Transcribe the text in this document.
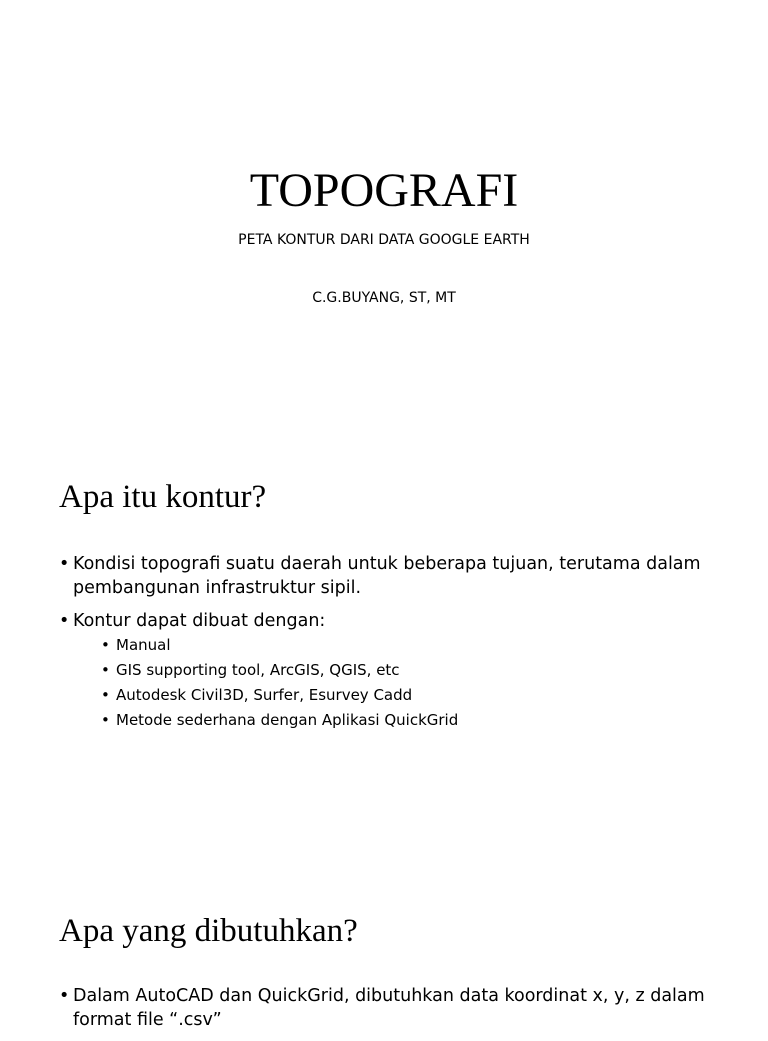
TOPOGRAFI
PETA KONTUR DARI DATA GOOGLE EARTH
C.G.BUYANG, ST, MT
Apa itu kontur?
• Kondisi topografi suatu daerah untuk beberapa tujuan, terutama dalam pembangunan infrastruktur sipil.
• Kontur dapat dibuat dengan:
• Manual
• GIS supporting tool, ArcGIS, QGIS, etc
• Autodesk Civil3D, Surfer, Esurvey Cadd
• Metode sederhana dengan Aplikasi QuickGrid
Apa yang dibutuhkan?
• Dalam AutoCAD dan QuickGrid, dibutuhkan data koordinat x, y, z dalam format file “.csv”
